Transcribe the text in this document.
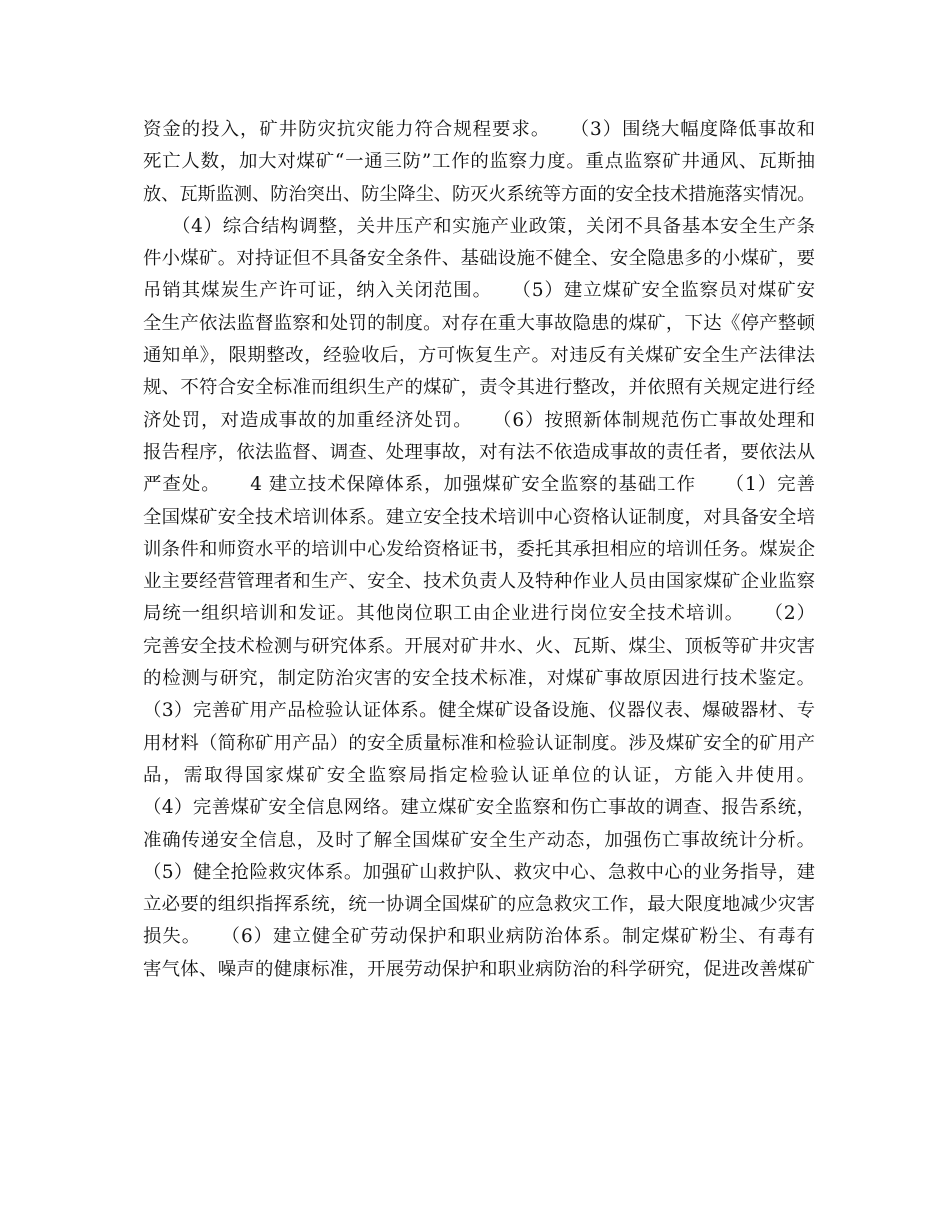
资金的投入，矿井防灾抗灾能力符合规程要求。　　（3）围绕大幅度降低事故和
死亡人数，加大对煤矿“一通三防”工作的监察力度。重点监察矿井通风、瓦斯抽
放、瓦斯监测、防治突出、防尘降尘、防灭火系统等方面的安全技术措施落实情况。
　　（4）综合结构调整，关井压产和实施产业政策，关闭不具备基本安全生产条
件小煤矿。对持证但不具备安全条件、基础设施不健全、安全隐患多的小煤矿，要
吊销其煤炭生产许可证，纳入关闭范围。　　（5）建立煤矿安全监察员对煤矿安
全生产依法监督监察和处罚的制度。对存在重大事故隐患的煤矿，下达《停产整顿
通知单》，限期整改，经验收后，方可恢复生产。对违反有关煤矿安全生产法律法
规、不符合安全标准而组织生产的煤矿，责令其进行整改，并依照有关规定进行经
济处罚，对造成事故的加重经济处罚。　　（6）按照新体制规范伤亡事故处理和
报告程序，依法监督、调查、处理事故，对有法不依造成事故的责任者，要依法从
严查处。　　4 建立技术保障体系，加强煤矿安全监察的基础工作　　（1）完善
全国煤矿安全技术培训体系。建立安全技术培训中心资格认证制度，对具备安全培
训条件和师资水平的培训中心发给资格证书，委托其承担相应的培训任务。煤炭企
业主要经营管理者和生产、安全、技术负责人及特种作业人员由国家煤矿企业监察
局统一组织培训和发证。其他岗位职工由企业进行岗位安全技术培训。　　（2）
完善安全技术检测与研究体系。开展对矿井水、火、瓦斯、煤尘、顶板等矿井灾害
的检测与研究，制定防治灾害的安全技术标准，对煤矿事故原因进行技术鉴定。
（3）完善矿用产品检验认证体系。健全煤矿设备设施、仪器仪表、爆破器材、专
用材料（简称矿用产品）的安全质量标准和检验认证制度。涉及煤矿安全的矿用产
品，需取得国家煤矿安全监察局指定检验认证单位的认证，方能入井使用。
（4）完善煤矿安全信息网络。建立煤矿安全监察和伤亡事故的调查、报告系统，
准确传递安全信息，及时了解全国煤矿安全生产动态，加强伤亡事故统计分析。
（5）健全抢险救灾体系。加强矿山救护队、救灾中心、急救中心的业务指导，建
立必要的组织指挥系统，统一协调全国煤矿的应急救灾工作，最大限度地减少灾害
损失。　　（6）建立健全矿劳动保护和职业病防治体系。制定煤矿粉尘、有毒有
害气体、噪声的健康标准，开展劳动保护和职业病防治的科学研究，促进改善煤矿
